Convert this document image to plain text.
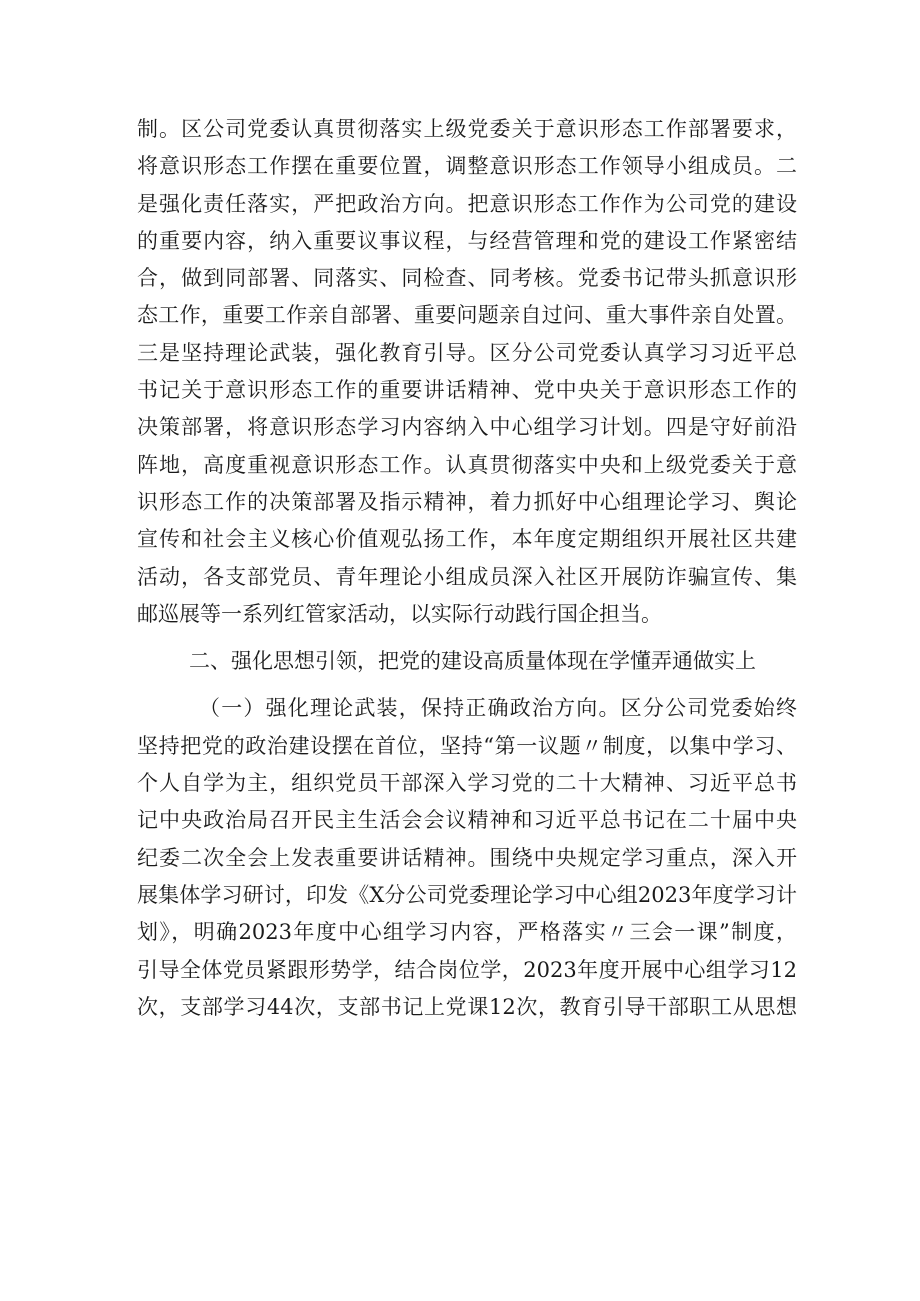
制。区公司党委认真贯彻落实上级党委关于意识形态工作部署要求，
将意识形态工作摆在重要位置，调整意识形态工作领导小组成员。二
是强化责任落实，严把政治方向。把意识形态工作作为公司党的建设
的重要内容，纳入重要议事议程，与经营管理和党的建设工作紧密结
合，做到同部署、同落实、同检查、同考核。党委书记带头抓意识形
态工作，重要工作亲自部署、重要问题亲自过问、重大事件亲自处置。
三是坚持理论武装，强化教育引导。区分公司党委认真学习习近平总
书记关于意识形态工作的重要讲话精神、党中央关于意识形态工作的
决策部署，将意识形态学习内容纳入中心组学习计划。四是守好前沿
阵地，高度重视意识形态工作。认真贯彻落实中央和上级党委关于意
识形态工作的决策部署及指示精神，着力抓好中心组理论学习、舆论
宣传和社会主义核心价值观弘扬工作，本年度定期组织开展社区共建
活动，各支部党员、青年理论小组成员深入社区开展防诈骗宣传、集
邮巡展等一系列红管家活动，以实际行动践行国企担当。
二、强化思想引领，把党的建设高质量体现在学懂弄通做实上
（一）强化理论武装，保持正确政治方向。区分公司党委始终
坚持把党的政治建设摆在首位，坚持“第一议题〃制度，以集中学习、
个人自学为主，组织党员干部深入学习党的二十大精神、习近平总书
记中央政治局召开民主生活会会议精神和习近平总书记在二十届中央
纪委二次全会上发表重要讲话精神。围绕中央规定学习重点，深入开
展集体学习研讨，印发《X分公司党委理论学习中心组2023年度学习计
划》，明确2023年度中心组学习内容，严格落实〃三会一课”制度，
引导全体党员紧跟形势学，结合岗位学，2023年度开展中心组学习12
次，支部学习44次，支部书记上党课12次，教育引导干部职工从思想
